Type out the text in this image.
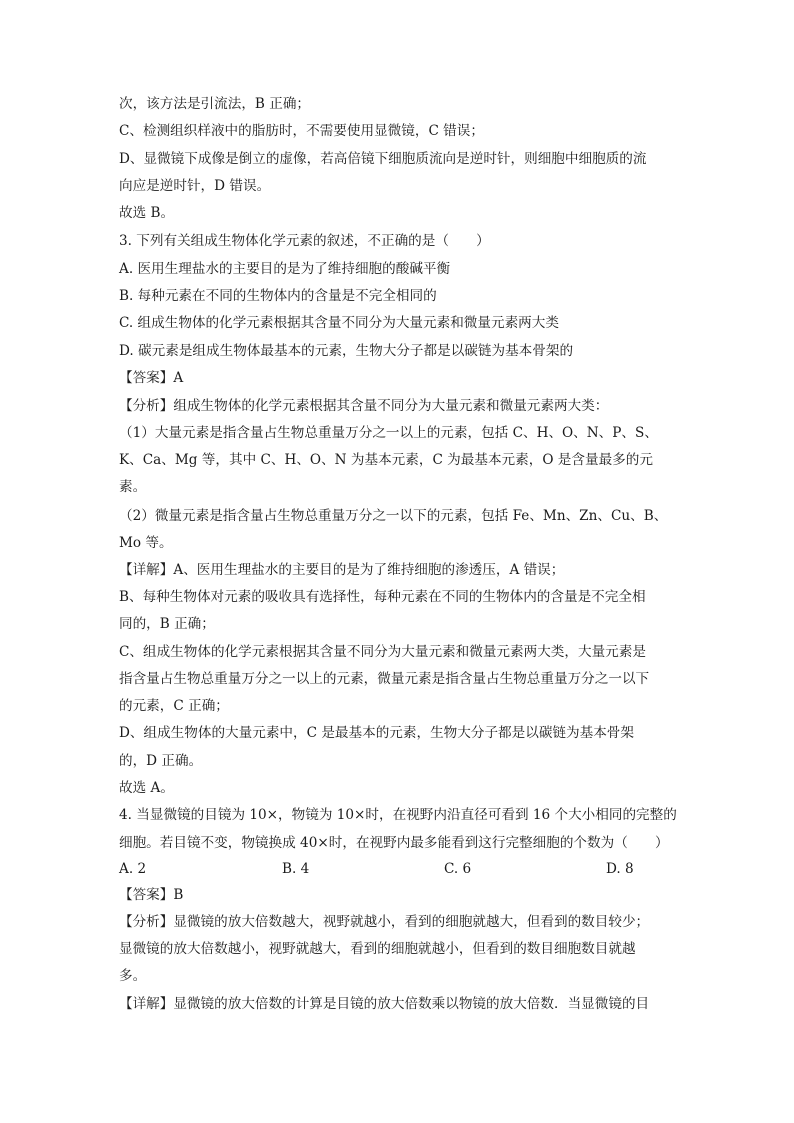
次，该方法是引流法，B 正确；
C、检测组织样液中的脂肪时，不需要使用显微镜，C 错误；
D、显微镜下成像是倒立的虚像，若高倍镜下细胞质流向是逆时针，则细胞中细胞质的流
向应是逆时针，D 错误。
故选 B。
3. 下列有关组成生物体化学元素的叙述，不正确的是（　　）
A. 医用生理盐水的主要目的是为了维持细胞的酸碱平衡
B. 每种元素在不同的生物体内的含量是不完全相同的
C. 组成生物体的化学元素根据其含量不同分为大量元素和微量元素两大类
D. 碳元素是组成生物体最基本的元素，生物大分子都是以碳链为基本骨架的
【答案】A
【分析】组成生物体的化学元素根据其含量不同分为大量元素和微量元素两大类：
（1）大量元素是指含量占生物总重量万分之一以上的元素，包括 C、H、O、N、P、S、
K、Ca、Mg 等，其中 C、H、O、N 为基本元素，C 为最基本元素，O 是含量最多的元
素。
（2）微量元素是指含量占生物总重量万分之一以下的元素，包括 Fe、Mn、Zn、Cu、B、
Mo 等。
【详解】A、医用生理盐水的主要目的是为了维持细胞的渗透压，A 错误；
B、每种生物体对元素的吸收具有选择性，每种元素在不同的生物体内的含量是不完全相
同的，B 正确；
C、组成生物体的化学元素根据其含量不同分为大量元素和微量元素两大类，大量元素是
指含量占生物总重量万分之一以上的元素，微量元素是指含量占生物总重量万分之一以下
的元素，C 正确；
D、组成生物体的大量元素中，C 是最基本的元素，生物大分子都是以碳链为基本骨架
的，D 正确。
故选 A。
4. 当显微镜的目镜为 10×，物镜为 10×时，在视野内沿直径可看到 16 个大小相同的完整的
细胞。若目镜不变，物镜换成 40×时，在视野内最多能看到这行完整细胞的个数为（　　）
A. 2	B. 4	C. 6	D. 8
【答案】B
【分析】显微镜的放大倍数越大，视野就越小，看到的细胞就越大，但看到的数目较少；
显微镜的放大倍数越小，视野就越大，看到的细胞就越小，但看到的数目细胞数目就越
多。
【详解】显微镜的放大倍数的计算是目镜的放大倍数乘以物镜的放大倍数．当显微镜的目
